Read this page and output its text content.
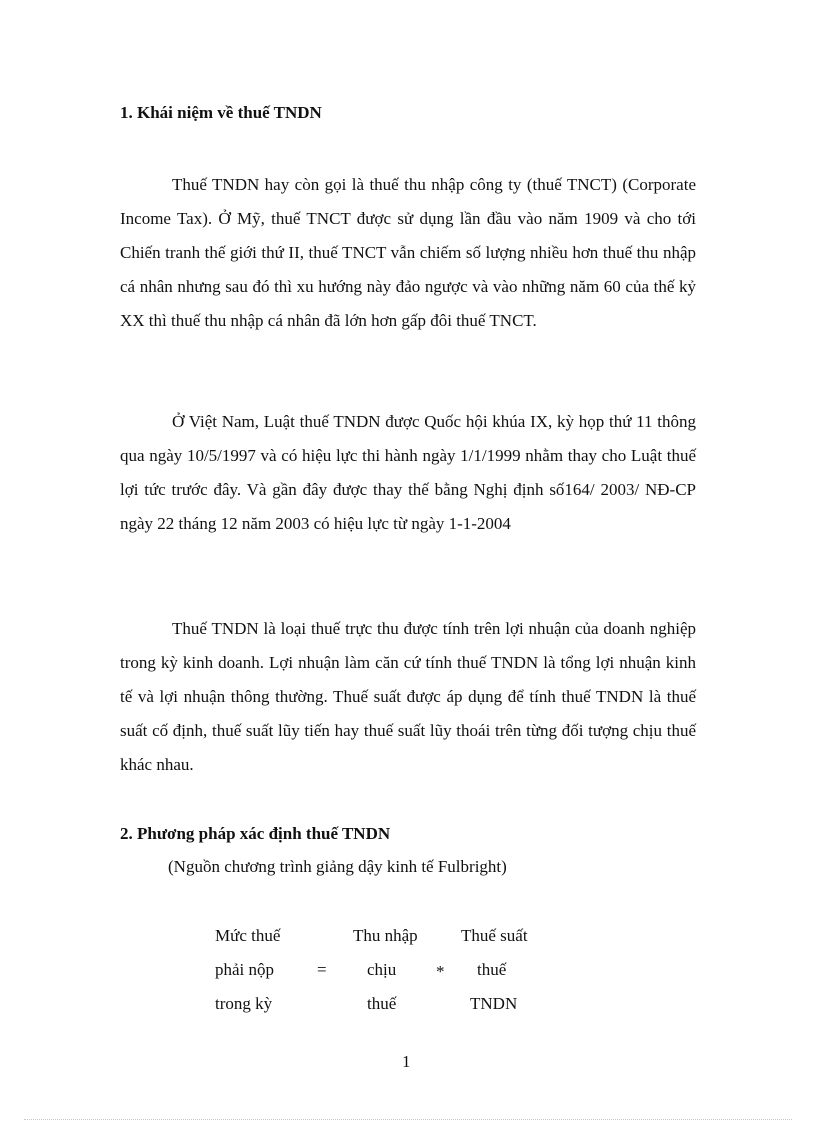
1. Khái niệm về thuế TNDN

Thuế TNDN hay còn gọi là thuế thu nhập công ty (thuế TNCT) (Corporate Income Tax). Ở Mỹ, thuế TNCT được sử dụng lần đầu vào năm 1909 và cho tới Chiến tranh thế giới thứ II, thuế TNCT vẫn chiếm số lượng nhiều hơn thuế thu nhập cá nhân nhưng sau đó thì xu hướng này đảo ngược và vào những năm 60 của thế kỷ XX thì thuế thu nhập cá nhân đã lớn hơn gấp đôi thuế TNCT.

Ở Việt Nam, Luật thuế TNDN được Quốc hội khúa IX, kỳ họp thứ 11 thông qua ngày 10/5/1997 và có hiệu lực thi hành ngày 1/1/1999 nhằm thay cho Luật thuế lợi tức trước đây. Và gần đây được thay thế bằng Nghị định số164/ 2003/ NĐ-CP ngày 22 tháng 12 năm 2003 có hiệu lực từ ngày 1-1-2004

Thuế TNDN là loại thuế trực thu được tính trên lợi nhuận của doanh nghiệp trong kỳ kinh doanh. Lợi nhuận làm căn cứ tính thuế TNDN là tổng lợi nhuận kinh tế và lợi nhuận thông thường. Thuế suất được áp dụng để tính thuế TNDN là thuế suất cố định, thuế suất lũy tiến hay thuế suất lũy thoái trên từng đối tượng chịu thuế khác nhau.

2. Phương pháp xác định thuế TNDN
(Nguồn chương trình giảng dậy kinh tế Fulbright)
Mức thuế
phải nộp
trong kỳ
=
Thu nhập
chịu
thuế
*
Thuế suất
thuế
TNDN
1
